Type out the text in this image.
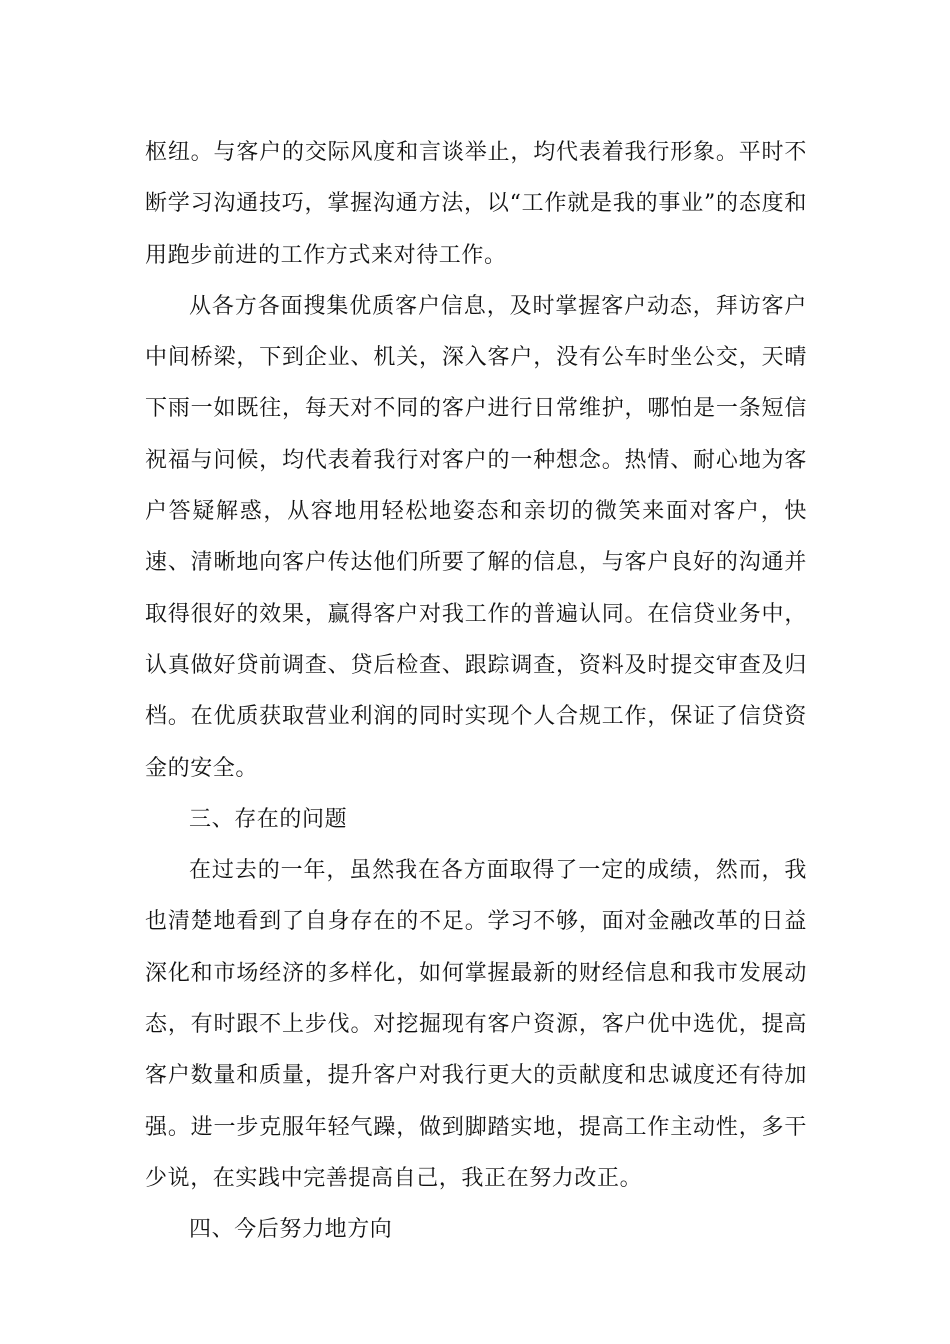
枢纽。与客户的交际风度和言谈举止，均代表着我行形象。平时不断学习沟通技巧，掌握沟通方法，以“工作就是我的事业”的态度和用跑步前进的工作方式来对待工作。

从各方各面搜集优质客户信息，及时掌握客户动态，拜访客户中间桥梁，下到企业、机关，深入客户，没有公车时坐公交，天晴下雨一如既往，每天对不同的客户进行日常维护，哪怕是一条短信祝福与问候，均代表着我行对客户的一种想念。热情、耐心地为客户答疑解惑，从容地用轻松地姿态和亲切的微笑来面对客户，快速、清晰地向客户传达他们所要了解的信息，与客户良好的沟通并取得很好的效果，赢得客户对我工作的普遍认同。在信贷业务中，认真做好贷前调查、贷后检查、跟踪调查，资料及时提交审查及归档。在优质获取营业利润的同时实现个人合规工作，保证了信贷资金的安全。

三、存在的问题

在过去的一年，虽然我在各方面取得了一定的成绩，然而，我也清楚地看到了自身存在的不足。学习不够，面对金融改革的日益深化和市场经济的多样化，如何掌握最新的财经信息和我市发展动态，有时跟不上步伐。对挖掘现有客户资源，客户优中选优，提高客户数量和质量，提升客户对我行更大的贡献度和忠诚度还有待加强。进一步克服年轻气躁，做到脚踏实地，提高工作主动性，多干少说，在实践中完善提高自己，我正在努力改正。

四、今后努力地方向
